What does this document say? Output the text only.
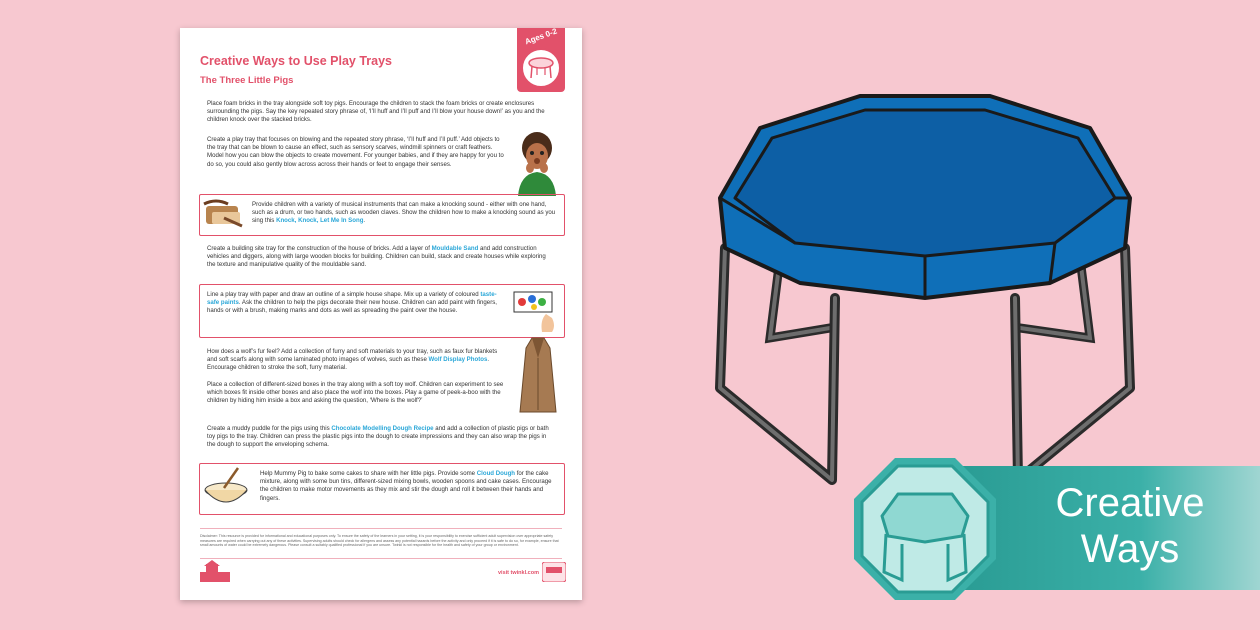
Creative Ways to Use Play Trays
The Three Little Pigs
Ages 0-2
Place foam bricks in the tray alongside soft toy pigs. Encourage the children to stack the foam bricks or create enclosures surrounding the pigs. Say the key repeated story phrase of, ‘I’ll huff and I’ll puff and I’ll blow your house down!’ as you and the children knock over the stacked bricks.
Create a play tray that focuses on blowing and the repeated story phrase, ‘I’ll huff and I’ll puff.’ Add objects to the tray that can be blown to cause an effect, such as sensory scarves, windmill spinners or craft feathers. Model how you can blow the objects to create movement. For younger babies, and if they are happy for you to do so, you could also gently blow across across their hands or feet to engage their senses.
Provide children with a variety of musical instruments that can make a knocking sound - either with one hand, such as a drum, or two hands, such as wooden claves. Show the children how to make a knocking sound as you sing this Knock, Knock, Let Me In Song.
Create a building site tray for the construction of the house of bricks. Add a layer of Mouldable Sand and add construction vehicles and diggers, along with large wooden blocks for building. Children can build, stack and create houses while exploring the texture and manipulative quality of the mouldable sand.
Line a play tray with paper and draw an outline of a simple house shape. Mix up a variety of coloured taste-safe paints. Ask the children to help the pigs decorate their new house. Children can add paint with fingers, hands or with a brush, making marks and dots as well as spreading the paint over the house.
How does a wolf’s fur feel? Add a collection of furry and soft materials to your tray, such as faux fur blankets and soft scarfs along with some laminated photo images of wolves, such as these Wolf Display Photos. Encourage children to stroke the soft, furry material.
Place a collection of different-sized boxes in the tray along with a soft toy wolf. Children can experiment to see which boxes fit inside other boxes and also place the wolf into the boxes. Play a game of peek-a-boo with the children by hiding him inside a box and asking the question, ‘Where is the wolf?’
Create a muddy puddle for the pigs using this Chocolate Modelling Dough Recipe and add a collection of plastic pigs or bath toy pigs to the tray. Children can press the plastic pigs into the dough to create impressions and they can also wrap the pigs in the dough to support the enveloping schema.
Help Mummy Pig to bake some cakes to share with her little pigs. Provide some Cloud Dough for the cake mixture, along with some bun tins, different-sized mixing bowls, wooden spoons and cake cases. Encourage the children to make motor movements as they mix and stir the dough and roll it between their hands and fingers.
Disclaimer: This resource is provided for informational and educational purposes only. To ensure the safety of the learners in your setting, it is your responsibility to exercise sufficient adult supervision over appropriate safety measures are required when carrying out any of these activities. Supervising adults should check for allergens and assess any potential hazards before the activity and only proceed if it is safe to do so, for example, ensure that small amounts of water could be extremely dangerous. Please consult a suitably qualified professional if you are unsure. Twinkl is not responsible for the health and safety of your group or environment.
visit twinkl.com
Creative
Ways
